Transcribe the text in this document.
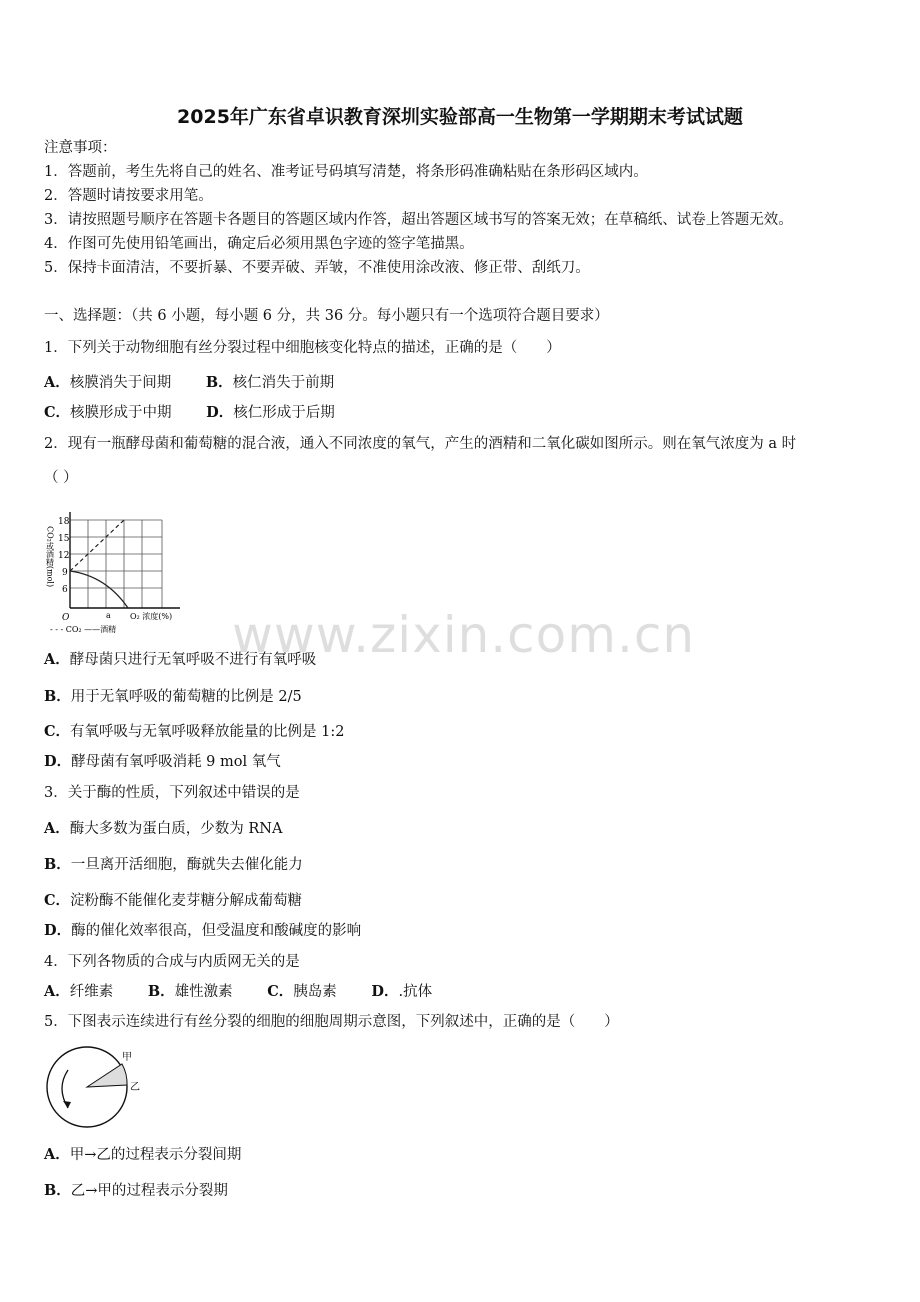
2025年广东省卓识教育深圳实验部高一生物第一学期期末考试试题
注意事项：
1．答题前，考生先将自己的姓名、准考证号码填写清楚，将条形码准确粘贴在条形码区域内。
2．答题时请按要求用笔。
3．请按照题号顺序在答题卡各题目的答题区域内作答，超出答题区域书写的答案无效；在草稿纸、试卷上答题无效。
4．作图可先使用铅笔画出，确定后必须用黑色字迹的签字笔描黑。
5．保持卡面清洁，不要折暴、不要弄破、弄皱，不准使用涂改液、修正带、刮纸刀。
一、选择题：（共 6 小题，每小题 6 分，共 36 分。每小题只有一个选项符合题目要求）
1．下列关于动物细胞有丝分裂过程中细胞核变化特点的描述，正确的是（　　）
A．核膜消失于间期 B．核仁消失于前期
C．核膜形成于中期 D．核仁形成于后期
2．现有一瓶酵母菌和葡萄糖的混合液，通入不同浓度的氧气，产生的酒精和二氧化碳如图所示。则在氧气浓度为 a 时
（ ）
18
15
12
9
6
CO₂或酒精(mol)
O	a O₂ 浓度(%)
- - - CO₂ ——酒精 www.zixin.com.cn
A．酵母菌只进行无氧呼吸不进行有氧呼吸
B．用于无氧呼吸的葡萄糖的比例是 2/5
C．有氧呼吸与无氧呼吸释放能量的比例是 1:2
D．酵母菌有氧呼吸消耗 9 mol 氧气
3．关于酶的性质，下列叙述中错误的是
A．酶大多数为蛋白质，少数为 RNA
B．一旦离开活细胞，酶就失去催化能力
C．淀粉酶不能催化麦芽糖分解成葡萄糖
D．酶的催化效率很高，但受温度和酸碱度的影响
4．下列各物质的合成与内质网无关的是
A．纤维素 B．雄性激素 C．胰岛素 D．.抗体
5．下图表示连续进行有丝分裂的细胞的细胞周期示意图，下列叙述中，正确的是（　　）
甲
乙
A．甲→乙的过程表示分裂间期
B．乙→甲的过程表示分裂期
